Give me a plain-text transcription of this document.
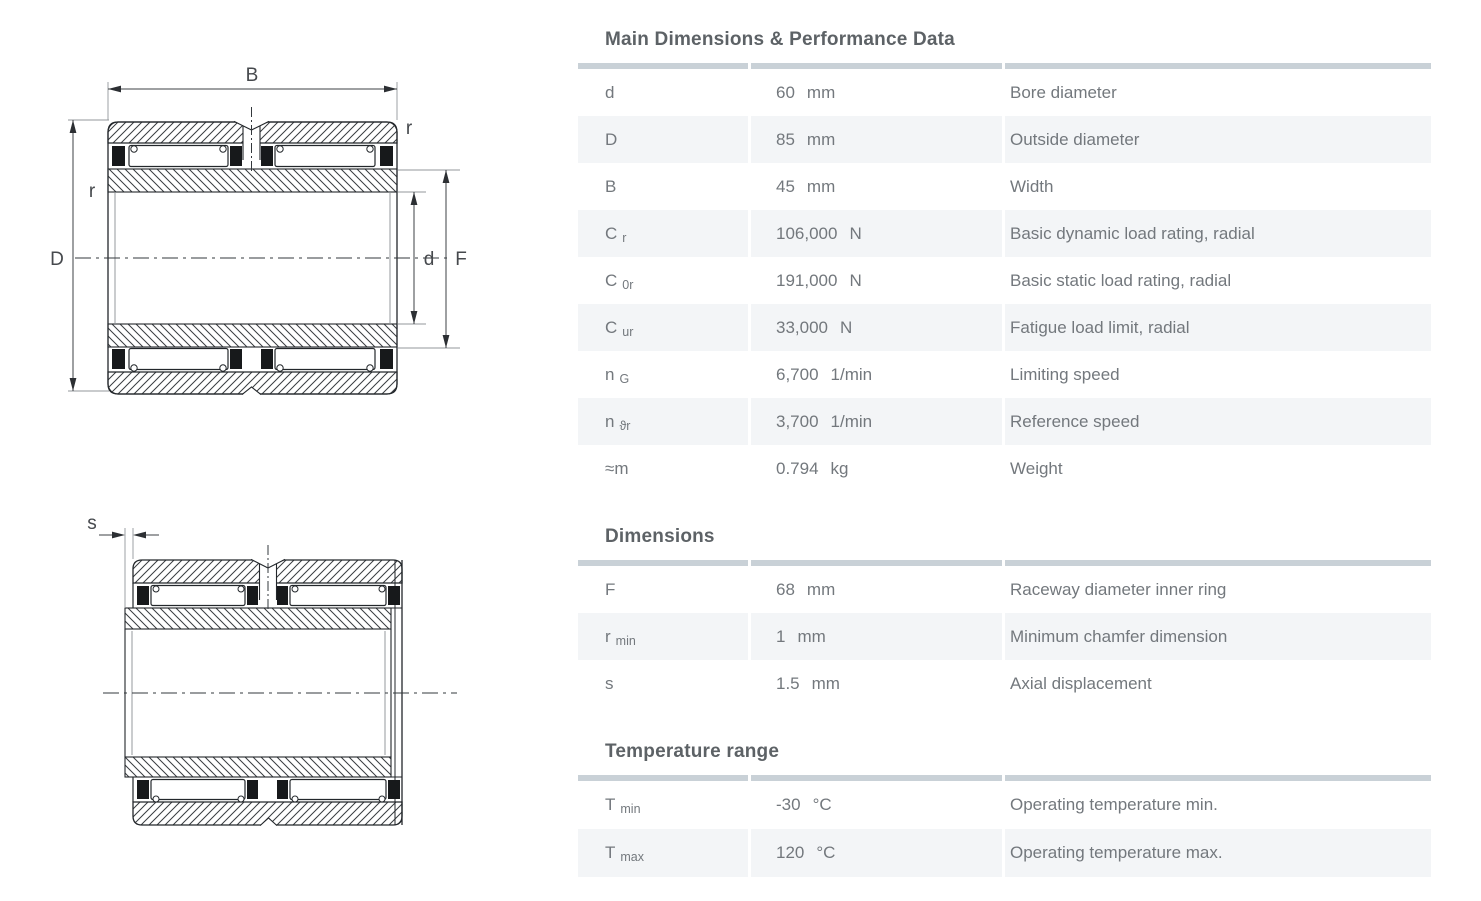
B
D
r
r
d F
s
Main Dimensions & Performance Data
d	60 mm	Bore diameter
D	85 mm	Outside diameter
B	45 mm	Width
C r	106,000 N	Basic dynamic load rating, radial
C 0r	191,000 N	Basic static load rating, radial
C ur	33,000 N	Fatigue load limit, radial
n G	6,700 1/min	Limiting speed
n ϑr	3,700 1/min	Reference speed
≈m	0.794 kg	Weight
Dimensions
F	68 mm	Raceway diameter inner ring
r min	1 mm	Minimum chamfer dimension
s	1.5 mm	Axial displacement
Temperature range
T min	-30 °C	Operating temperature min.
T max	120 °C	Operating temperature max.
